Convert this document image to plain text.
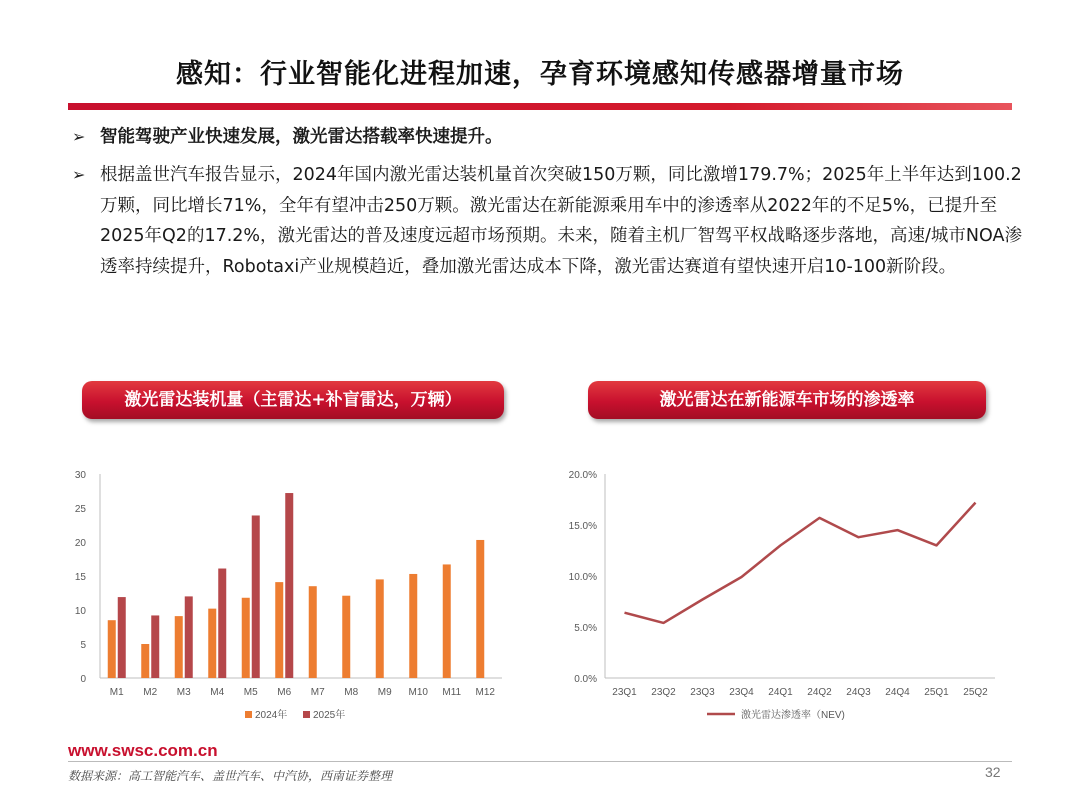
感知：行业智能化进程加速，孕育环境感知传感器增量市场
➢ 智能驾驶产业快速发展，激光雷达搭载率快速提升。
➢ 根据盖世汽车报告显示，2024年国内激光雷达装机量首次突破150万颗，同比激增179.7%；2025年上半年达到100.2万颗，同比增长71%，全年有望冲击250万颗。激光雷达在新能源乘用车中的渗透率从2022年的不足5%，已提升至2025年Q2的17.2%，激光雷达的普及速度远超市场预期。未来，随着主机厂智驾平权战略逐步落地，高速/城市NOA渗透率持续提升，Robotaxi产业规模趋近，叠加激光雷达成本下降，激光雷达赛道有望快速开启10-100新阶段。
激光雷达装机量（主雷达+补盲雷达，万辆）	激光雷达在新能源车市场的渗透率
0
5
10
15
20
25
30
M1 M2 M3 M4 M5 M6 M7 M8 M9 M10 M11 M12
2024年	2025年
0.0%
5.0%
10.0%
15.0%
20.0%
23Q1 23Q2 23Q3 23Q4 24Q1 24Q2 24Q3 24Q4 25Q1 25Q2
激光雷达渗透率（NEV)
www.swsc.com.cn
数据来源：高工智能汽车、盖世汽车、中汽协，西南证券整理	32
